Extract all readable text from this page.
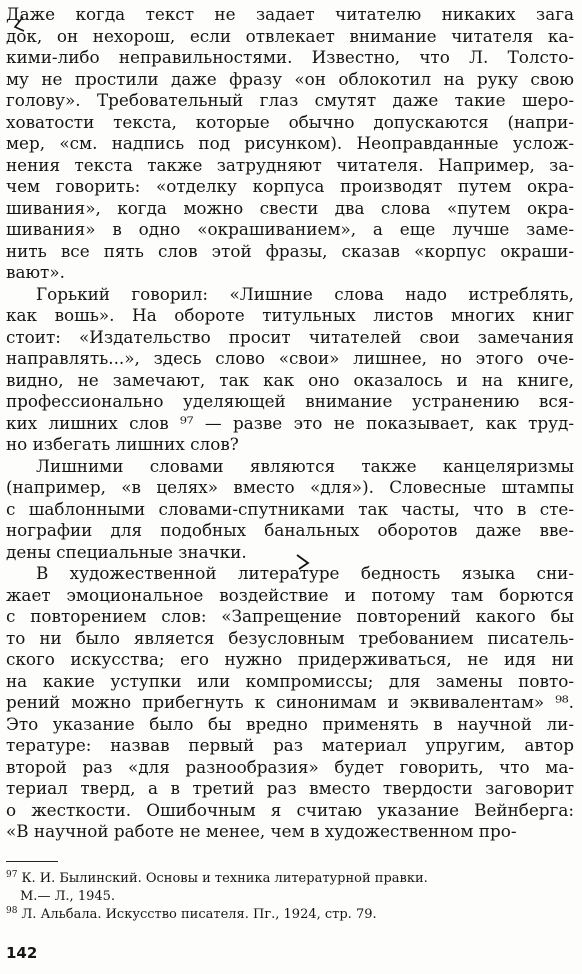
Даже когда текст не задает читателю никаких зага
док, он нехорош, если отвлекает внимание читателя ка-
кими-либо неправильностями. Известно, что Л. Толсто-
му не простили даже фразу «он облокотил на руку свою
голову». Требовательный глаз смутят даже такие шеро-
ховатости текста, которые обычно допускаются (напри-
мер, «см. надпись под рисунком). Неоправданные услож-
нения текста также затрудняют читателя. Например, за-
чем говорить: «отделку корпуса производят путем окра-
шивания», когда можно свести два слова «путем окра-
шивания» в одно «окрашиванием», а еще лучше замe-
нить все пять слов этой фразы, сказав «корпус окраши-
вают».
Горький говорил: «Лишние слова надо истреблять,
как вошь». На обороте титульных листов многих книг
стоит: «Издательство просит читателей свои замечания
направлять...», здесь слово «свои» лишнее, но этого оче-
видно, не замечают, так как оно оказалось и на книге,
профессионально уделяющей внимание устранению вся-
ких лишних слов ⁹⁷ — разве это не показывает, как труд-
но избегать лишних слов?
Лишними словами являются также канцеляризмы
(например, «в целях» вместо «для»). Словесные штампы
с шаблонными словами-спутниками так часты, что в сте-
нографии для подобных банальных оборотов даже вве-
дены специальные значки.
В художественной литературе бедность языка сни-
жает эмоциональное воздействие и потому там борются
с повторением слов: «Запрещение повторений какого бы
то ни было является безусловным требованием писатель-
ского искусства; его нужно придерживаться, не идя ни
на какие уступки или компромиссы; для замены повто-
рений можно прибегнуть к синонимам и эквивалентам» ⁹⁸.
Это указание было бы вредно применять в научной ли-
тературе: назвав первый раз материал упругим, автор
второй раз «для разнообразия» будет говорить, что ма-
териал тверд, а в третий раз вместо твердости заговорит
о жесткости. Ошибочным я считаю указание Вейнберга:
«В научной работе не менее, чем в художественном про-
$^{97}$ К. И. Былинский. Основы и техника литературной правки.
М.— Л., 1945.
$^{98}$ Л. Альбала. Искусство писателя. Пг., 1924, стр. 79.
142
